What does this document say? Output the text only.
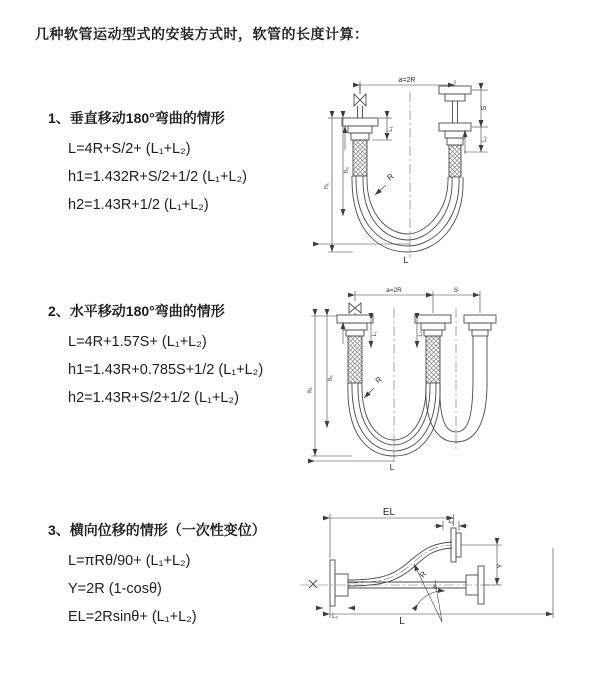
几种软管运动型式的安装方式时，软管的长度计算：
1、垂直移动180°弯曲的情形
L=4R+S/2+ (L₁+L₂)
h1=1.432R+S/2+1/2 (L₁+L₂)
h2=1.43R+1/2 (L₁+L₂)
a=2R
S
L₂
L₁
h₁
h₂
R
L
2、水平移动180°弯曲的情形
L=4R+1.57S+ (L₁+L₂)
h1=1.43R+0.785S+1/2 (L₁+L₂)
h2=1.43R+S/2+1/2 (L₁+L₂)
a=2R	S
h₁
h₂
L₁	L₂
R
L
3、横向位移的情形（一次性变位）
L=πRθ/90+ (L₁+L₂)
Y=2R (1-cosθ)
EL=2Rsinθ+ (L₁+L₂)
EL
L₁
Y
L
L₂
R
θ
